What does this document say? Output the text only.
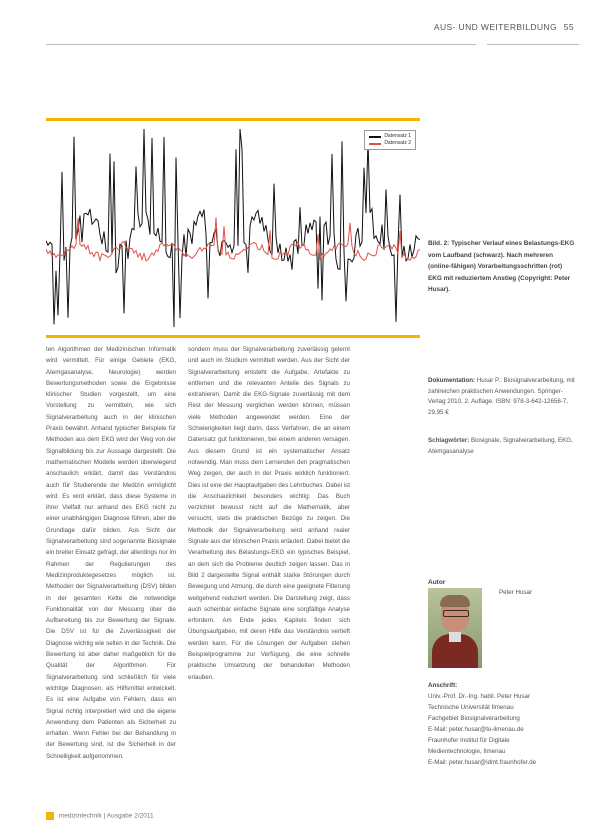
AUS- UND WEITERBILDUNG 55
Datensatz 1
Datensatz 2
Bild. 2: Typischer Verlauf eines Belastungs-EKG vom Laufband (schwarz). Nach mehreren (online-fähigen) Vorarbeitungsschritten (rot) EKG mit reduziertem Anstieg (Copyright: Peter Husar).

ten Algorithmen der Medizinischen Informatik wird vermittelt. Für einige Gebiete (EKG, Atemgasanalyse, Neurologie) werden Bewertungsmethoden sowie die Ergebnisse klinischer Studien vorgestellt, um eine Vorstellung zu vermitteln, wie sich Signalverarbeitung auch in der klinischen Praxis bewährt. Anhand typischer Beispiele für Methoden aus dem EKG wird der Weg von der Signalbildung bis zur Aussage dargestellt. Die mathematischen Modelle werden überwiegend anschaulich erklärt, damit das Verständnis auch für Studierende der Medizin ermöglicht wird. Es wird erklärt, dass diese Systeme in ihrer Vielfalt nur anhand des EKG nicht zu einer unabhängigen Diagnose führen, aber die Grundlage dafür bilden. Aus Sicht der Signalverarbeitung sind sogenannte Biosignale ein breiter Einsatz gefragt, der allerdings nur im Rahmen der Regulierungen des Medizinproduktegesetzes möglich ist. Methoden der Signalverarbeitung (DSV) bilden in der gesamten Kette die notwendige Funktionalität von der Messung über die Aufbereitung bis zur Bewertung der Signale. Die DSV ist für die Zuverlässigkeit der Diagnose wichtig wie selten in der Technik. Die Bewertung ist aber daher maßgeblich für die Qualität der Algorithmen. Für Signalverarbeitung sind schließlich für viele wichtige Diagnosen, als Hilfsmittel entwickelt. Es ist eine Aufgabe von Fehlern, dass ein Signal richtig interpretiert wird und die eigene Anwendung dem Patienten als Sicherheit zu erhalten. Wenn Fehler bei der Behandlung in der Bewertung sind, ist die Sicherheit in der Schnelligkeit aufgenommen.

sondern muss der Signalverarbeitung zuverlässig gelernt und auch im Studium vermittelt werden. Aus der Sicht der Signalverarbeitung entsteht die Aufgabe, Artefakte zu entfernen und die relevanten Anteile des Signals zu extrahieren. Damit die EKG-Signale zuverlässig mit dem Rest der Messung verglichen werden können, müssen viele Methoden angewendet werden. Eine der Schwierigkeiten liegt darin, dass Verfahren, die an einem Datensatz gut funktionieren, bei einem anderen versagen. Aus diesem Grund ist ein systematischer Ansatz notwendig. Man muss dem Lernenden den pragmatischen Weg zeigen, der auch in der Praxis wirklich funktioniert. Dies ist eine der Hauptaufgaben des Lehrbuches. Dabei ist die Anschaulichkeit besonders wichtig: Das Buch verzichtet bewusst nicht auf die Mathematik, aber versucht, stets die praktischen Bezüge zu zeigen. Die Methodik der Signalverarbeitung wird anhand realer Signale aus der klinischen Praxis erläutert. Dabei bietet die Verarbeitung des Belastungs-EKG ein typisches Beispiel, an dem sich die Probleme deutlich zeigen lassen. Das in Bild 2 dargestellte Signal enthält starke Störungen durch Bewegung und Atmung, die durch eine geeignete Filterung weitgehend reduziert werden. Die Darstellung zeigt, dass auch scheinbar einfache Signale eine sorgfältige Analyse erfordern. Am Ende jedes Kapitels finden sich Übungsaufgaben, mit deren Hilfe das Verständnis vertieft werden kann. Für die Lösungen der Aufgaben stehen Beispielprogramme zur Verfügung, die eine schnelle praktische Umsetzung der behandelten Methoden erlauben.

Dokumentation: Husar P.: Biosignalverarbeitung, mit zahlreichen praktischen Anwendungen. Springer-Verlag 2010, 2. Auflage. ISBN: 978-3-642-12656-7, 29,95 €
Schlagwörter: Biosignale, Signalverarbeitung, EKG, Atemgasanalyse
Autor
Peter Husar
Anschrift:
Univ.-Prof. Dr.-Ing. habil. Peter Husar
Technische Universität Ilmenau
Fachgebiet Biosignalverarbeitung
E-Mail: peter.husar@tu-ilmenau.de
Fraunhofer Institut für Digitale
Medientechnologie, Ilmenau
E-Mail: peter.husar@idmt.fraunhofer.de
medizintechnik | Ausgabe 2/2011
